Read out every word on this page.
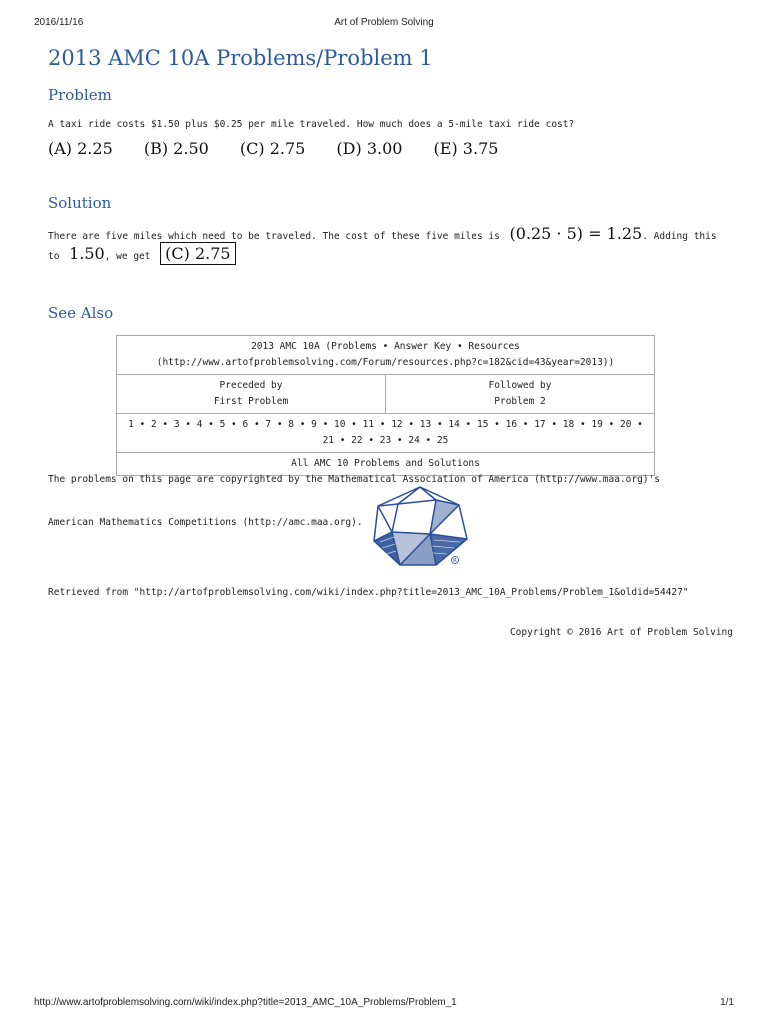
2016/11/16	Art of Problem Solving
2013 AMC 10A Problems/Problem 1
Problem
A taxi ride costs $1.50 plus $0.25 per mile traveled. How much does a 5-mile taxi ride cost?
(A) 2.25 (B) 2.50 (C) 2.75 (D) 3.00 (E) 3.75
Solution
There are five miles which need to be traveled. The cost of these five miles is (0.25 · 5) = 1.25. Adding this
to 1.50, we get (C) 2.75
See Also
2013 AMC 10A (Problems • Answer Key • Resources
(http://www.artofproblemsolving.com/Forum/resources.php?c=182&cid=43&year=2013))

Preceded by
First Problem

Followed by
Problem 2

1 • 2 • 3 • 4 • 5 • 6 • 7 • 8 • 9 • 10 • 11 • 12 • 13 • 14 • 15 • 16 • 17 • 18 • 19 • 20 •
21 • 22 • 23 • 24 • 25

All AMC 10 Problems and Solutions
The problems on this page are copyrighted by the Mathematical Association of America (http://www.maa.org)'s
American Mathematics Competitions (http://amc.maa.org).
R
Retrieved from "http://artofproblemsolving.com/wiki/index.php?title=2013_AMC_10A_Problems/Problem_1&oldid=54427"
Copyright © 2016 Art of Problem Solving
http://www.artofproblemsolving.com/wiki/index.php?title=2013_AMC_10A_Problems/Problem_1	1/1
